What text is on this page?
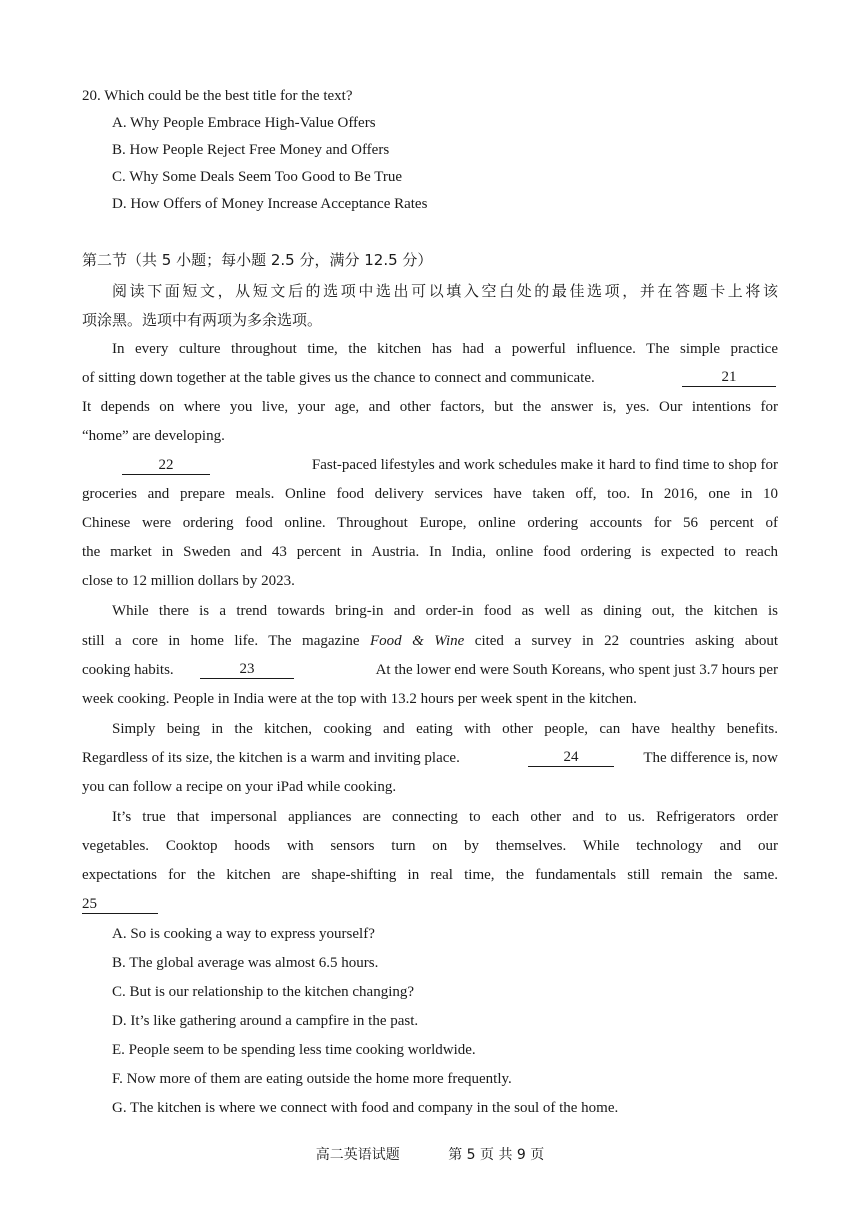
20. Which could be the best title for the text?
A. Why People Embrace High-Value Offers
B. How People Reject Free Money and Offers
C. Why Some Deals Seem Too Good to Be True
D. How Offers of Money Increase Acceptance Rates
第二节（共 5 小题；每小题 2.5 分，满分 12.5 分）
阅读下面短文，从短文后的选项中选出可以填入空白处的最佳选项，并在答题卡上将该
项涂黑。选项中有两项为多余选项。
In every culture throughout time, the kitchen has had a powerful influence. The simple practice
of sitting down together at the table gives us the chance to connect and communicate.	21
It depends on where you live, your age, and other factors, but the answer is, yes. Our intentions for
“home” are developing.
22	Fast-paced lifestyles and work schedules make it hard to find time to shop for
groceries and prepare meals. Online food delivery services have taken off, too. In 2016, one in 10
Chinese were ordering food online. Throughout Europe, online ordering accounts for 56 percent of
the market in Sweden and 43 percent in Austria. In India, online food ordering is expected to reach
close to 12 million dollars by 2023.
While there is a trend towards bring-in and order-in food as well as dining out, the kitchen is
still a core in home life. The magazine Food & Wine cited a survey in 22 countries asking about
cooking habits.	23	At the lower end were South Koreans, who spent just 3.7 hours per
week cooking. People in India were at the top with 13.2 hours per week spent in the kitchen.
Simply being in the kitchen, cooking and eating with other people, can have healthy benefits.
Regardless of its size, the kitchen is a warm and inviting place.	24	The difference is, now
you can follow a recipe on your iPad while cooking.
It’s true that impersonal appliances are connecting to each other and to us. Refrigerators order
vegetables. Cooktop hoods with sensors turn on by themselves. While technology and our
expectations for the kitchen are shape-shifting in real time, the fundamentals still remain the same.
25
A. So is cooking a way to express yourself?
B. The global average was almost 6.5 hours.
C. But is our relationship to the kitchen changing?
D. It’s like gathering around a campfire in the past.
E. People seem to be spending less time cooking worldwide.
F. Now more of them are eating outside the home more frequently.
G. The kitchen is where we connect with food and company in the soul of the home.
高二英语试题	第 5 页 共 9 页
